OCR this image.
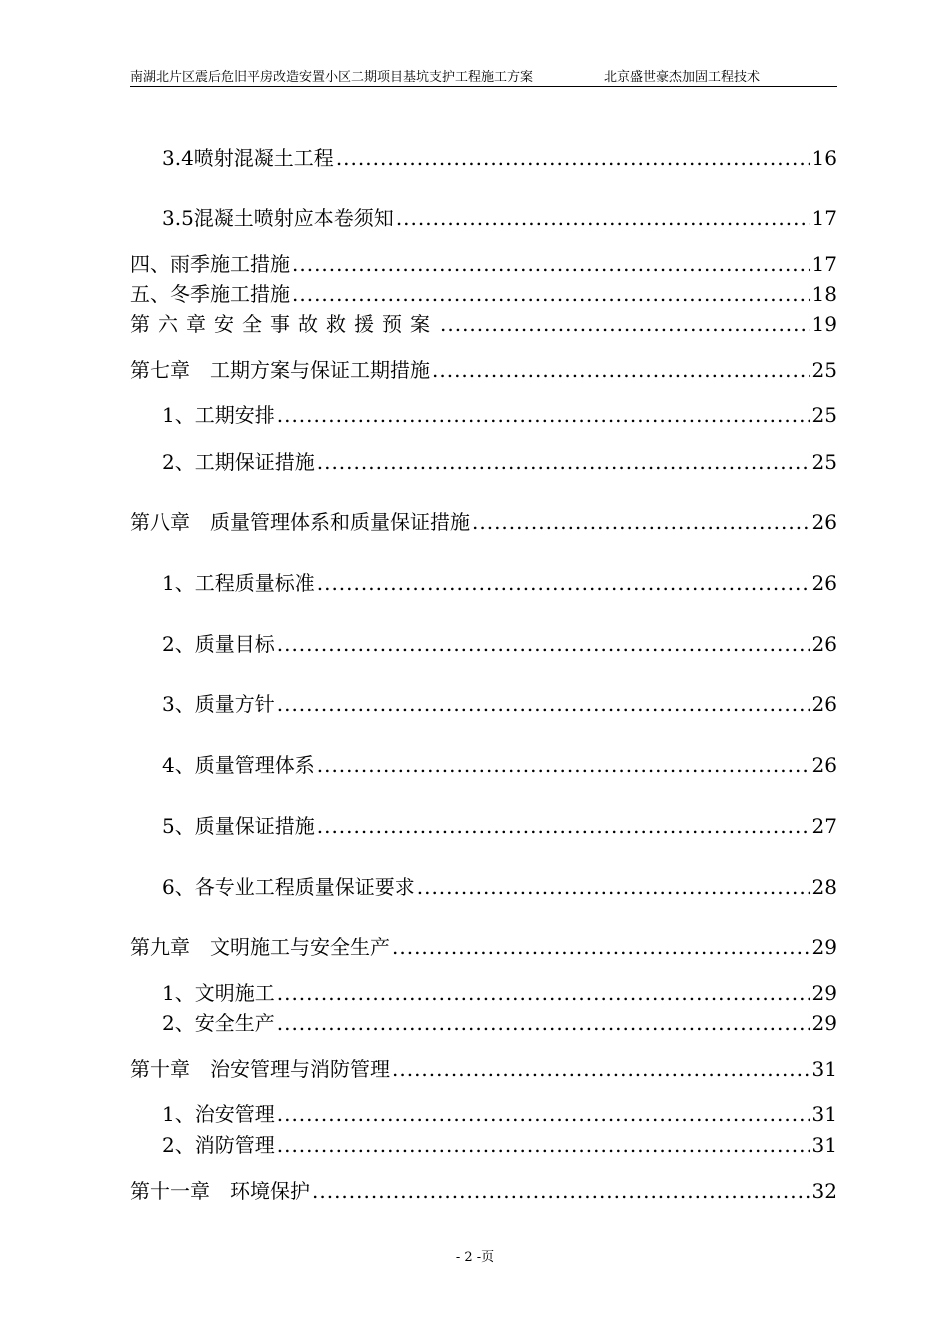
南湖北片区震后危旧平房改造安置小区二期项目基坑支护工程施工方案	北京盛世豪杰加固工程技术
3.4喷射混凝土工程 .....	16
3.5混凝土喷射应本卷须知 .....	17
四、雨季施工措施 .....	17
五、冬季施工措施 .....	18
第六章安全事故救援预案 .....	19
第七章　工期方案与保证工期措施 .....	25
1、工期安排 .....	25
2、工期保证措施 .....	25
第八章　质量管理体系和质量保证措施 .....	26
1、工程质量标准 .....	26
2、质量目标 .....	26
3、质量方针 .....	26
4、质量管理体系 .....	26
5、质量保证措施 .....	27
6、各专业工程质量保证要求 .....	28
第九章　文明施工与安全生产 .....	29
1、文明施工 .....	29
2、安全生产 .....	29
第十章　治安管理与消防管理 .....	31
1、治安管理 .....	31
2、消防管理 .....	31
第十一章　环境保护 .....	32
- 2 -页
